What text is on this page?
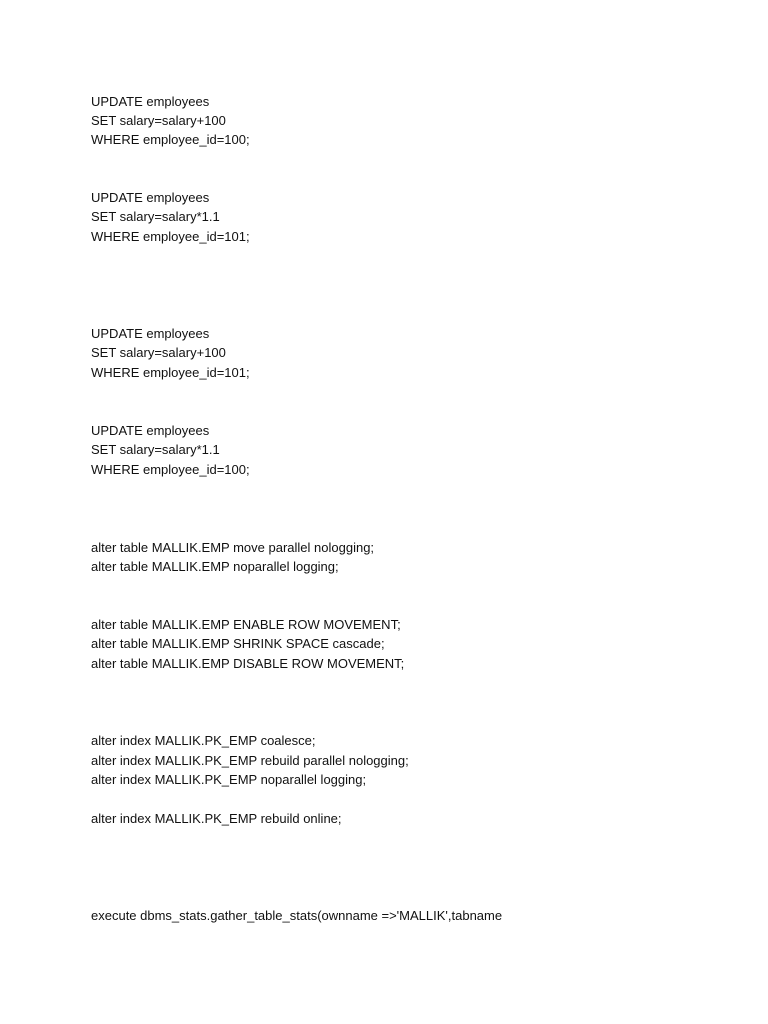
UPDATE employees
SET salary=salary+100
WHERE employee_id=100;
UPDATE employees
SET salary=salary*1.1
WHERE employee_id=101;
UPDATE employees
SET salary=salary+100
WHERE employee_id=101;
UPDATE employees
SET salary=salary*1.1
WHERE employee_id=100;
alter table MALLIK.EMP move parallel nologging;
alter table MALLIK.EMP noparallel logging;
alter table MALLIK.EMP ENABLE ROW MOVEMENT;
alter table MALLIK.EMP SHRINK SPACE cascade;
alter table MALLIK.EMP DISABLE ROW MOVEMENT;
alter index MALLIK.PK_EMP coalesce;
alter index MALLIK.PK_EMP rebuild parallel nologging;
alter index MALLIK.PK_EMP noparallel logging;
alter index MALLIK.PK_EMP rebuild online;
execute dbms_stats.gather_table_stats(ownname =>'MALLIK',tabname
